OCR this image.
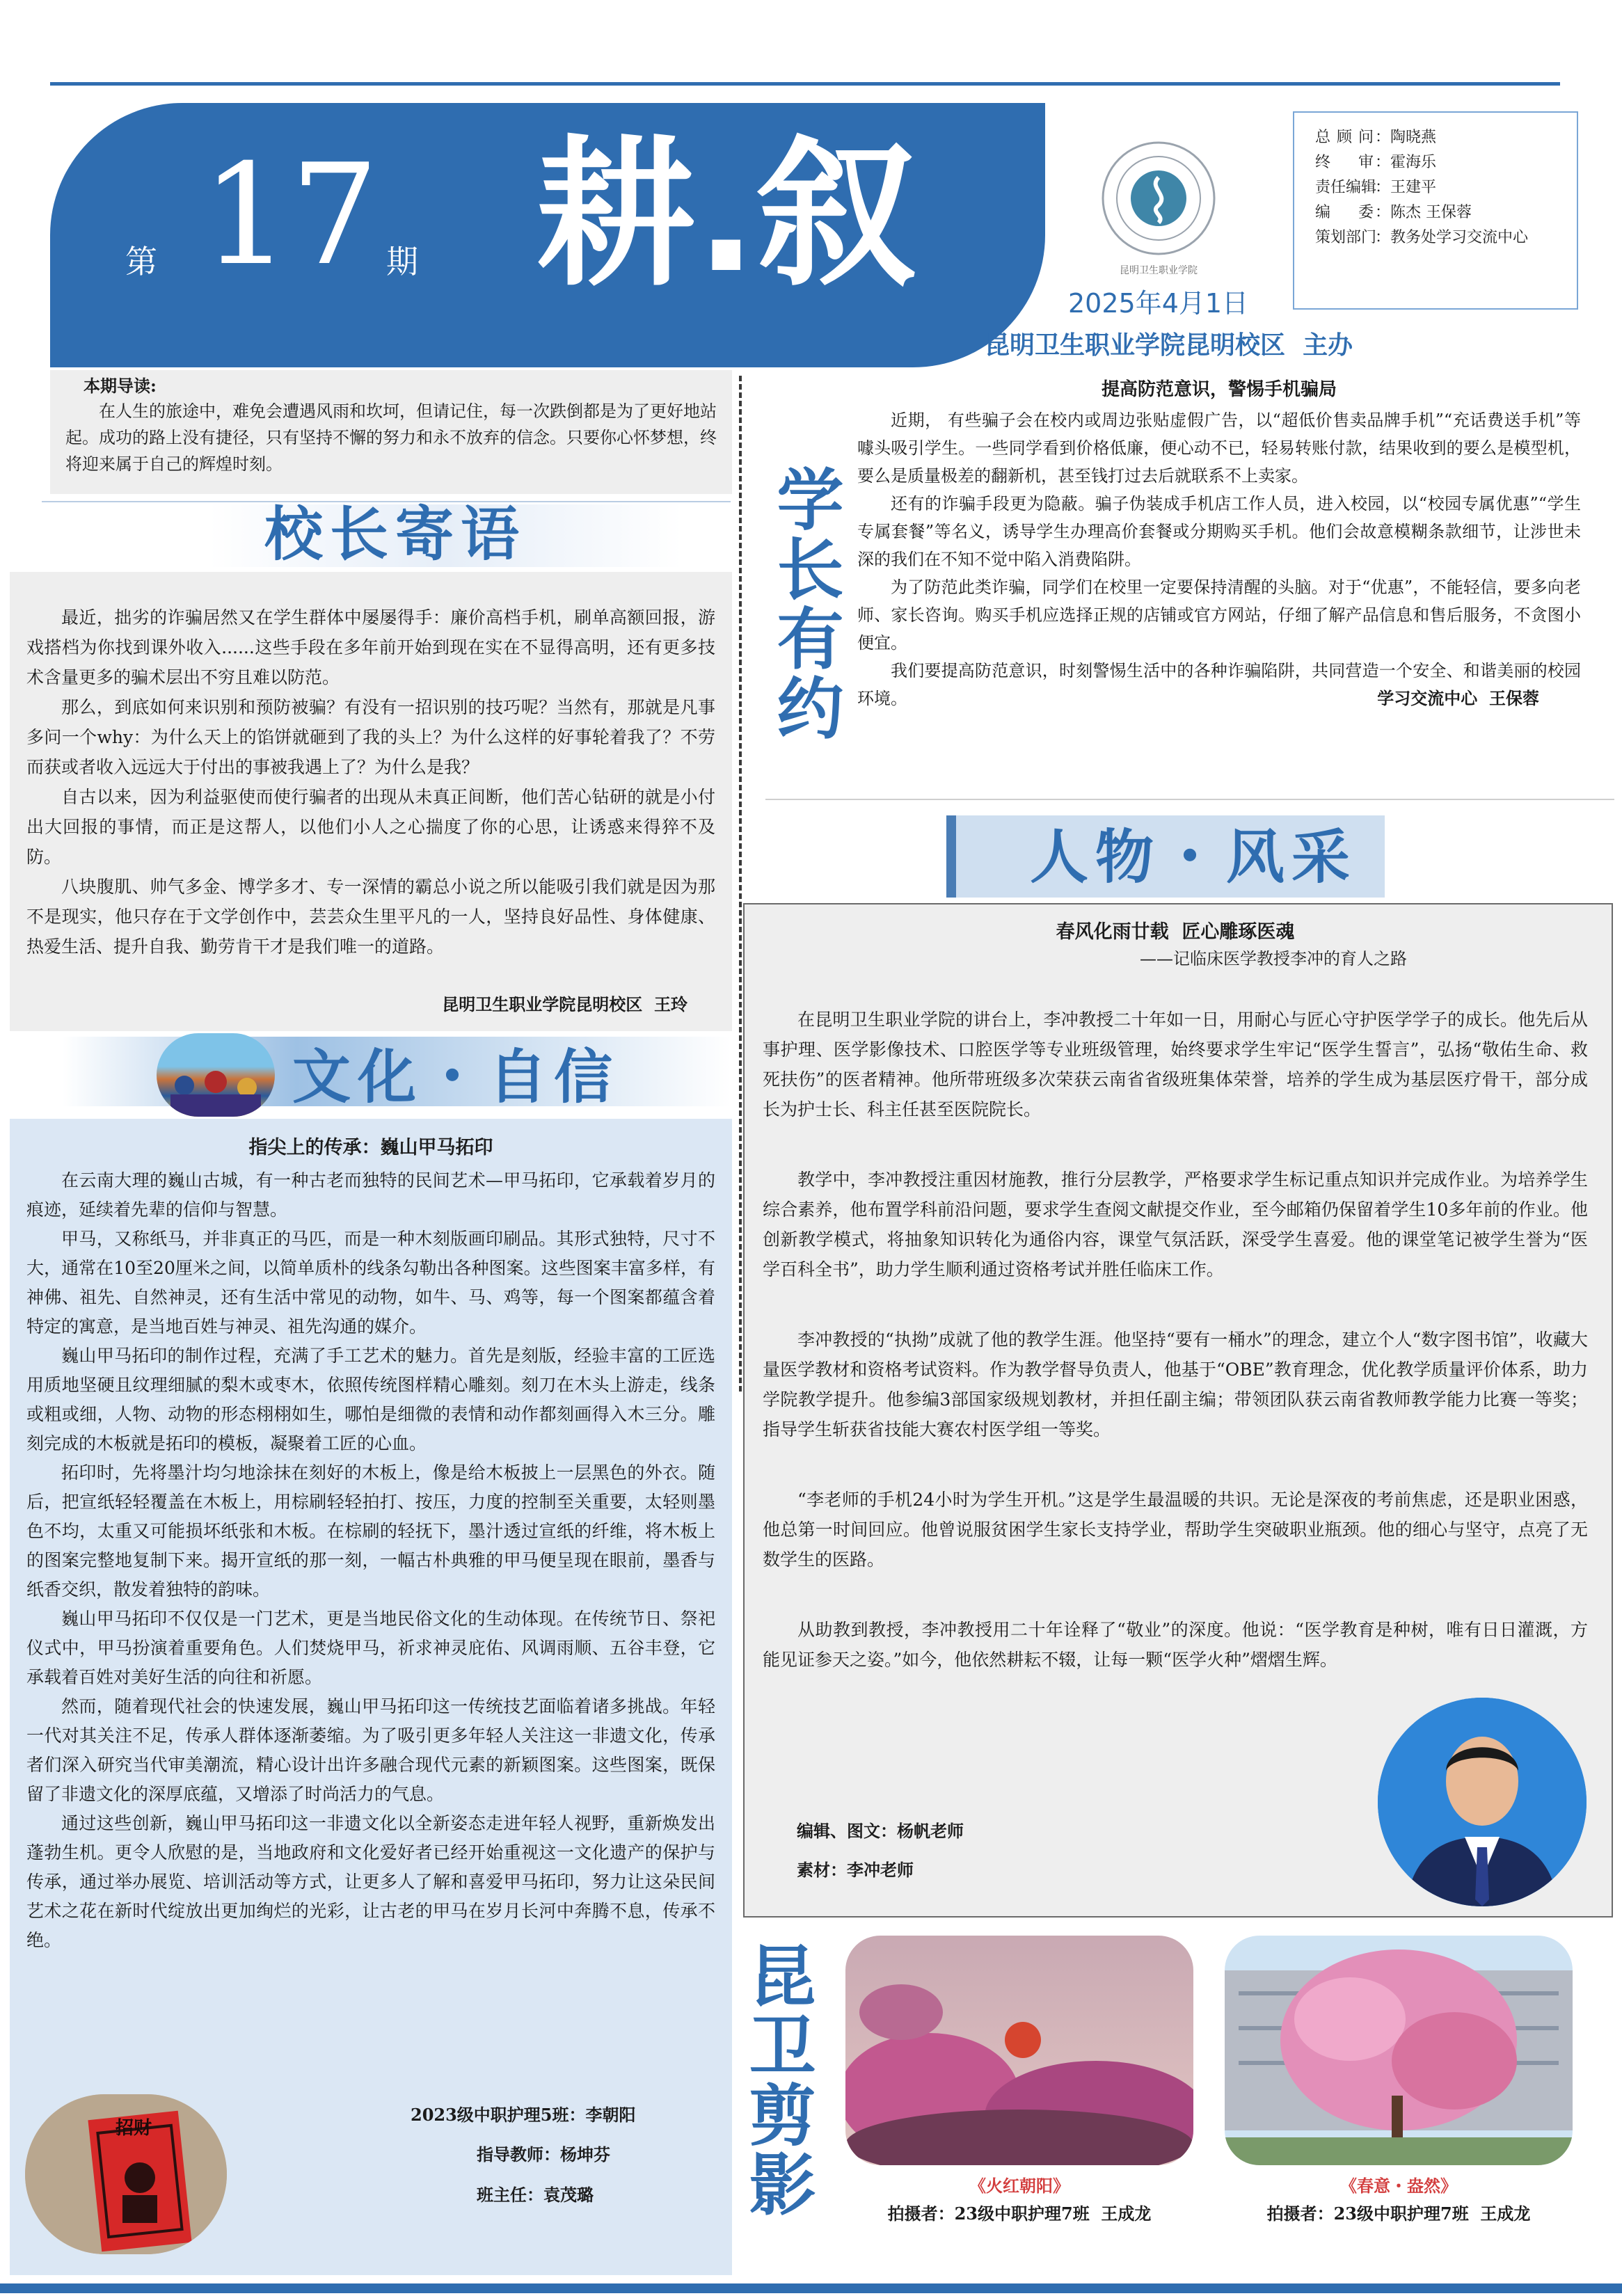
第 17 期 耕.叙	昆明卫生职业学院
总顾问：陶晓燕
终审：霍海乐
责任编辑：王建平
编委：陈杰 王保蓉
策划部门：教务处学习交流中心
2025年4月1日
昆明卫生职业学院昆明校区  主办
本期导读:

在人生的旅途中，难免会遭遇风雨和坎坷，但请记住，每一次跌倒都是为了更好地站起。成功的路上没有捷径，只有坚持不懈的努力和永不放弃的信念。只要你心怀梦想，终将迎来属于自己的辉煌时刻。

校长寄语

最近，拙劣的诈骗居然又在学生群体中屡屡得手：廉价高档手机，刷单高额回报，游戏搭档为你找到课外收入......这些手段在多年前开始到现在实在不显得高明，还有更多技术含量更多的骗术层出不穷且难以防范。

那么，到底如何来识别和预防被骗？有没有一招识别的技巧呢？当然有，那就是凡事多问一个why：为什么天上的馅饼就砸到了我的头上？为什么这样的好事轮着我了？不劳而获或者收入远远大于付出的事被我遇上了？为什么是我？

自古以来，因为利益驱使而使行骗者的出现从未真正间断，他们苦心钻研的就是小付出大回报的事情，而正是这帮人，以他们小人之心揣度了你的心思，让诱惑来得猝不及防。

八块腹肌、帅气多金、博学多才、专一深情的霸总小说之所以能吸引我们就是因为那不是现实，他只存在于文学创作中，芸芸众生里平凡的一人，坚持良好品性、身体健康、热爱生活、提升自我、勤劳肯干才是我们唯一的道路。

昆明卫生职业学院昆明校区  王玲
文化・自信
指尖上的传承：巍山甲马拓印

在云南大理的巍山古城，有一种古老而独特的民间艺术—甲马拓印，它承载着岁月的痕迹，延续着先辈的信仰与智慧。

甲马，又称纸马，并非真正的马匹，而是一种木刻版画印刷品。其形式独特，尺寸不大，通常在10至20厘米之间，以简单质朴的线条勾勒出各种图案。这些图案丰富多样，有神佛、祖先、自然神灵，还有生活中常见的动物，如牛、马、鸡等，每一个图案都蕴含着特定的寓意，是当地百姓与神灵、祖先沟通的媒介。

巍山甲马拓印的制作过程，充满了手工艺术的魅力。首先是刻版，经验丰富的工匠选用质地坚硬且纹理细腻的梨木或枣木，依照传统图样精心雕刻。刻刀在木头上游走，线条或粗或细，人物、动物的形态栩栩如生，哪怕是细微的表情和动作都刻画得入木三分。雕刻完成的木板就是拓印的模板，凝聚着工匠的心血。

拓印时，先将墨汁均匀地涂抹在刻好的木板上，像是给木板披上一层黑色的外衣。随后，把宣纸轻轻覆盖在木板上，用棕刷轻轻拍打、按压，力度的控制至关重要，太轻则墨色不均，太重又可能损坏纸张和木板。在棕刷的轻抚下，墨汁透过宣纸的纤维，将木板上的图案完整地复制下来。揭开宣纸的那一刻，一幅古朴典雅的甲马便呈现在眼前，墨香与纸香交织，散发着独特的韵味。

巍山甲马拓印不仅仅是一门艺术，更是当地民俗文化的生动体现。在传统节日、祭祀仪式中，甲马扮演着重要角色。人们焚烧甲马，祈求神灵庇佑、风调雨顺、五谷丰登，它承载着百姓对美好生活的向往和祈愿。

然而，随着现代社会的快速发展，巍山甲马拓印这一传统技艺面临着诸多挑战。年轻一代对其关注不足，传承人群体逐渐萎缩。为了吸引更多年轻人关注这一非遗文化，传承者们深入研究当代审美潮流，精心设计出许多融合现代元素的新颖图案。这些图案，既保留了非遗文化的深厚底蕴，又增添了时尚活力的气息。

通过这些创新，巍山甲马拓印这一非遗文化以全新姿态走进年轻人视野，重新焕发出蓬勃生机。更令人欣慰的是，当地政府和文化爱好者已经开始重视这一文化遗产的保护与传承，通过举办展览、培训活动等方式，让更多人了解和喜爱甲马拓印，努力让这朵民间艺术之花在新时代绽放出更加绚烂的光彩，让古老的甲马在岁月长河中奔腾不息，传承不绝。

招财
2023级中职护理5班：李朝阳
指导教师：杨坤芬
班主任：袁茂璐
学长有约
提高防范意识，警惕手机骗局

近期， 有些骗子会在校内或周边张贴虚假广告，以“超低价售卖品牌手机”“充话费送手机”等噱头吸引学生。一些同学看到价格低廉，便心动不已，轻易转账付款，结果收到的要么是模型机，要么是质量极差的翻新机，甚至钱打过去后就联系不上卖家。

还有的诈骗手段更为隐蔽。骗子伪装成手机店工作人员，进入校园，以“校园专属优惠”“学生专属套餐”等名义，诱导学生办理高价套餐或分期购买手机。他们会故意模糊条款细节，让涉世未深的我们在不知不觉中陷入消费陷阱。

为了防范此类诈骗，同学们在校里一定要保持清醒的头脑。对于“优惠”，不能轻信，要多向老师、家长咨询。购买手机应选择正规的店铺或官方网站，仔细了解产品信息和售后服务，不贪图小便宜。

我们要提高防范意识，时刻警惕生活中的各种诈骗陷阱，共同营造一个安全、和谐美丽的校园环境。	学习交流中心  王保蓉
人物・风采
春风化雨廿载  匠心雕琢医魂
——记临床医学教授李冲的育人之路

在昆明卫生职业学院的讲台上，李冲教授二十年如一日，用耐心与匠心守护医学学子的成长。他先后从事护理、医学影像技术、口腔医学等专业班级管理，始终要求学生牢记“医学生誓言”，弘扬“敬佑生命、救死扶伤”的医者精神。他所带班级多次荣获云南省省级班集体荣誉，培养的学生成为基层医疗骨干，部分成长为护士长、科主任甚至医院院长。

教学中，李冲教授注重因材施教，推行分层教学，严格要求学生标记重点知识并完成作业。为培养学生综合素养，他布置学科前沿问题，要求学生查阅文献提交作业，至今邮箱仍保留着学生10多年前的作业。他创新教学模式，将抽象知识转化为通俗内容，课堂气氛活跃，深受学生喜爱。他的课堂笔记被学生誉为“医学百科全书”，助力学生顺利通过资格考试并胜任临床工作。

李冲教授的“执拗”成就了他的教学生涯。他坚持“要有一桶水”的理念，建立个人“数字图书馆”，收藏大量医学教材和资格考试资料。作为教学督导负责人，他基于“OBE”教育理念，优化教学质量评价体系，助力学院教学提升。他参编3部国家级规划教材，并担任副主编；带领团队获云南省教师教学能力比赛一等奖；指导学生斩获省技能大赛农村医学组一等奖。

“李老师的手机24小时为学生开机。”这是学生最温暖的共识。无论是深夜的考前焦虑，还是职业困惑，他总第一时间回应。他曾说服贫困学生家长支持学业，帮助学生突破职业瓶颈。他的细心与坚守，点亮了无数学生的医路。

从助教到教授，李冲教授用二十年诠释了“敬业”的深度。他说：“医学教育是种树，唯有日日灌溉，方能见证参天之姿。”如今，他依然耕耘不辍，让每一颗“医学火种”熠熠生辉。

编辑、图文：杨帆老师
素材：李冲老师
昆卫剪影	《火红朝阳》
拍摄者：23级中职护理7班  王成龙
《春意・盎然》
拍摄者：23级中职护理7班  王成龙
